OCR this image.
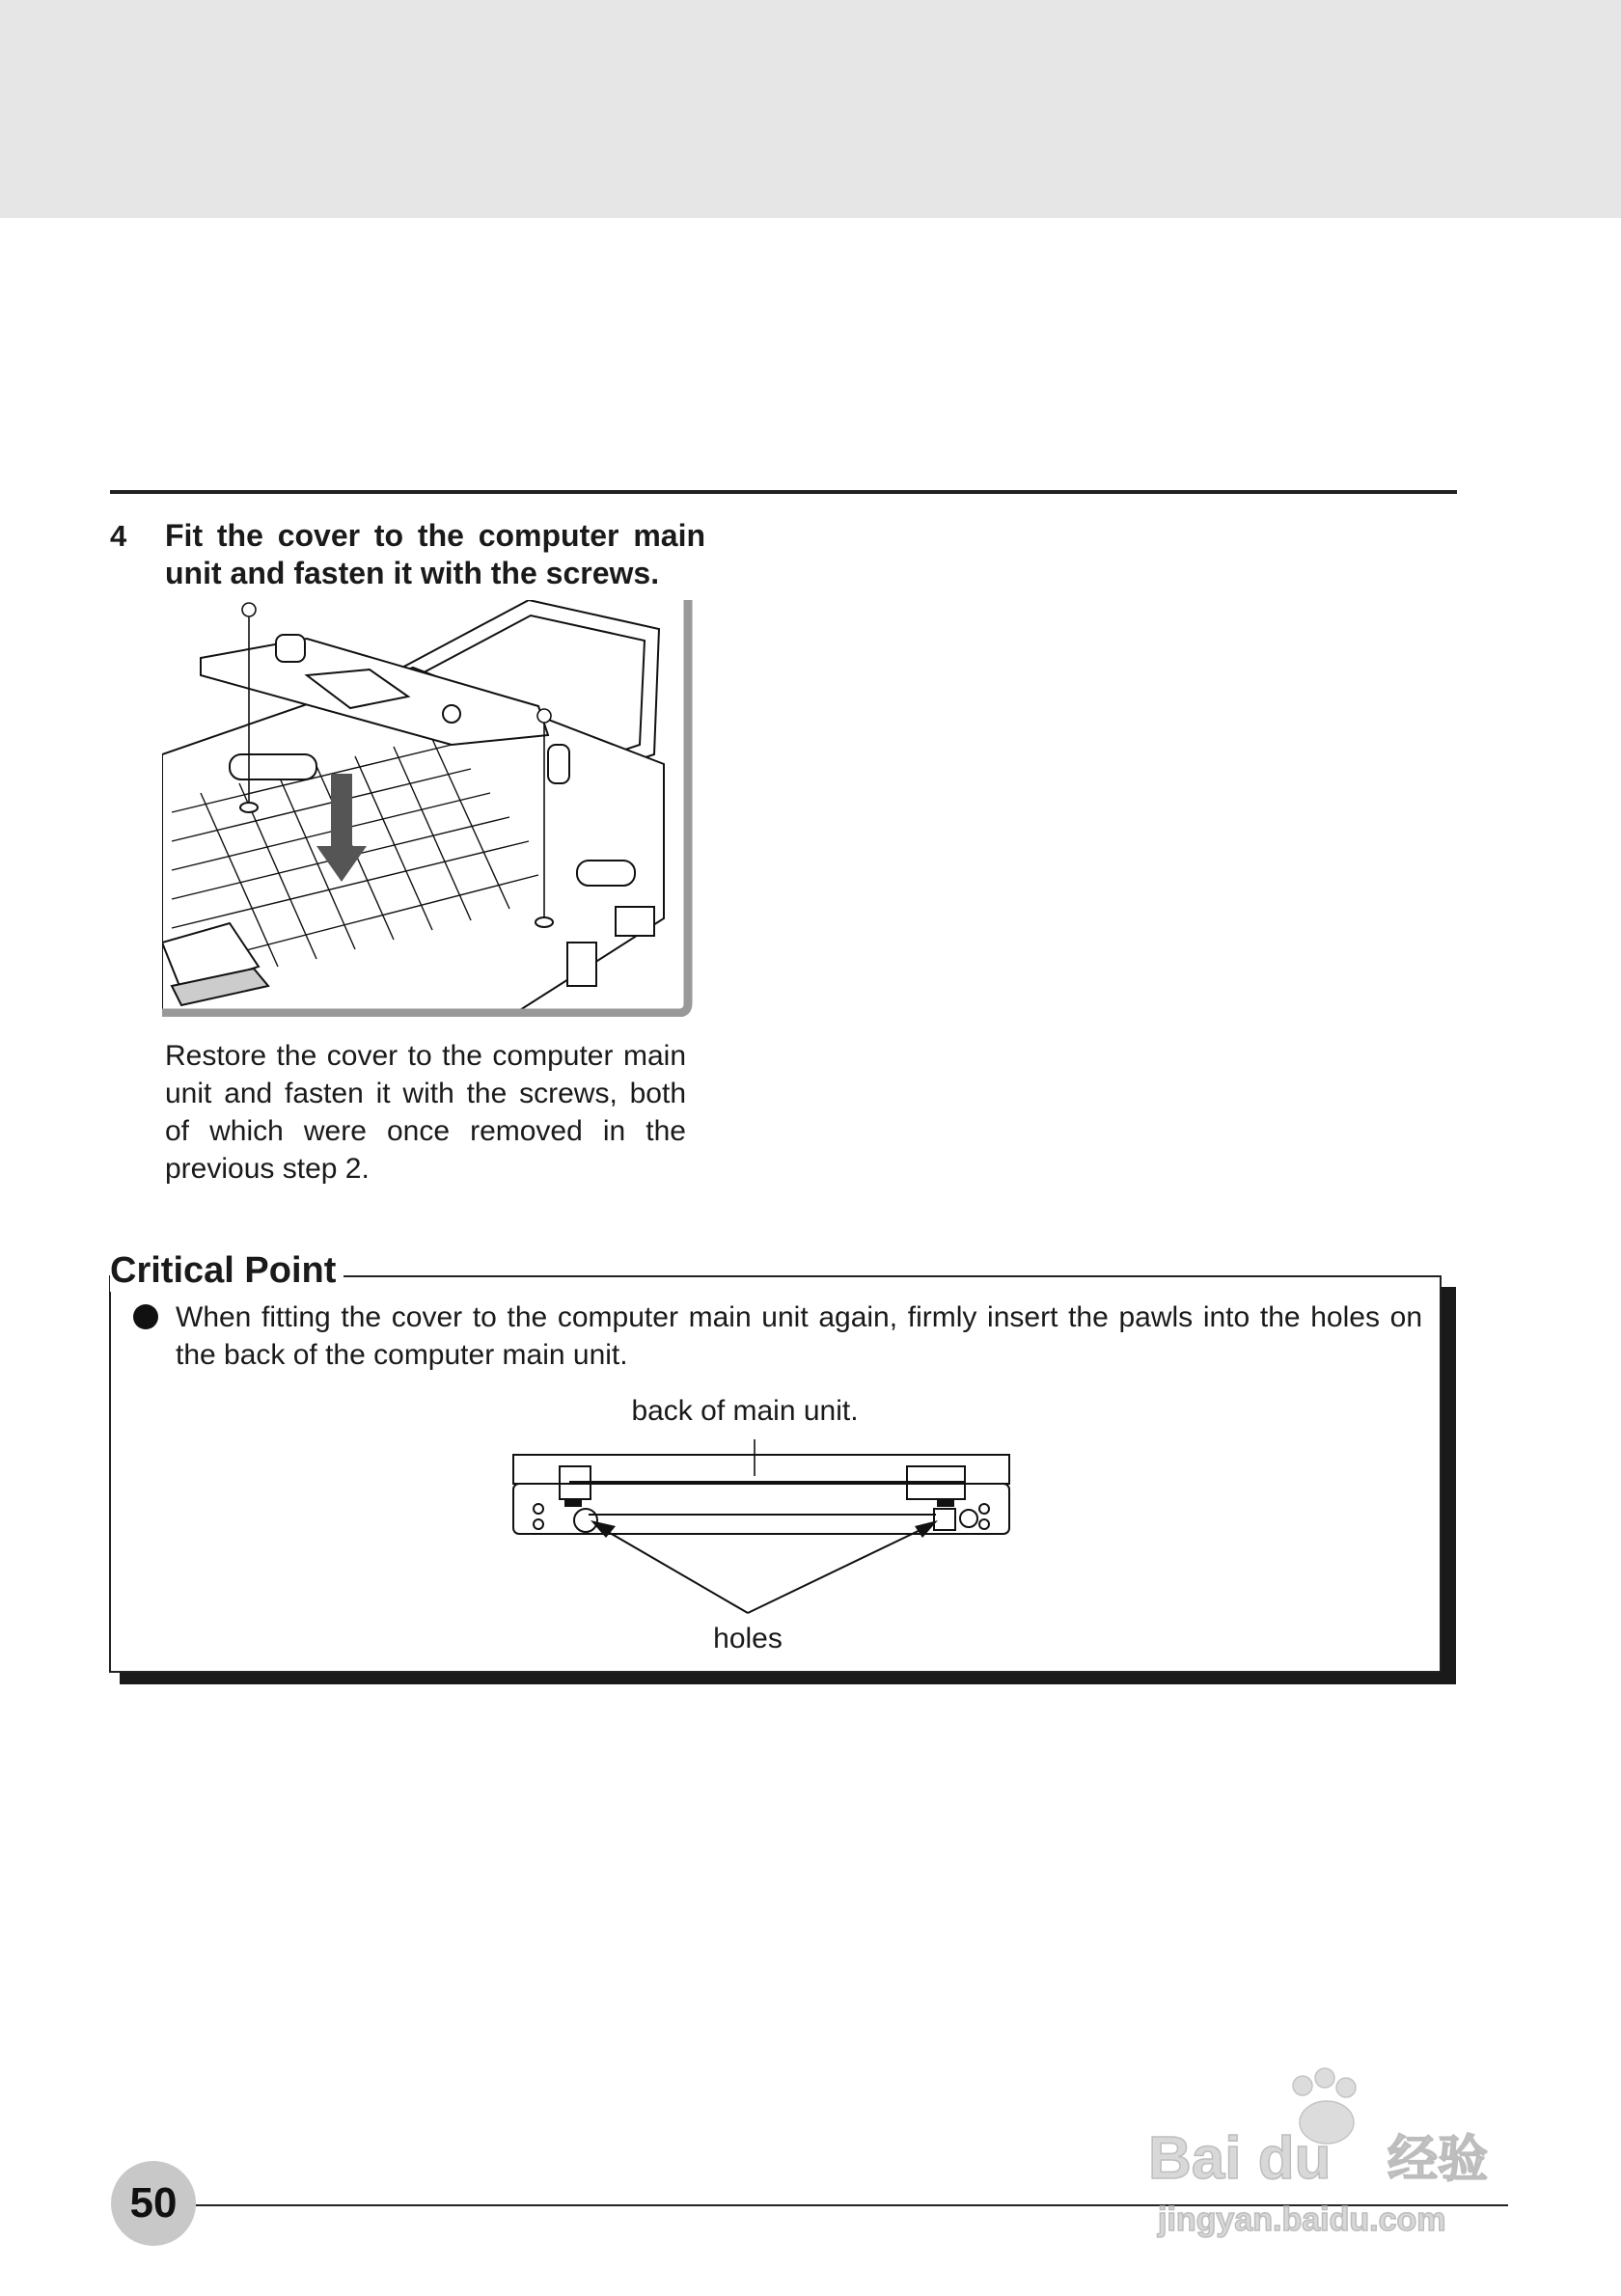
4 Fit the cover to the computer main unit and fasten it with the screws.
Restore the cover to the computer main unit and fasten it with the screws, both of which were once removed in the previous step 2.
Critical Point
When fitting the cover to the computer main unit again, firmly insert the pawls into the holes on the back of the computer main unit.
back of main unit.
holes
50
Bai du 经验
jingyan.baidu.com
